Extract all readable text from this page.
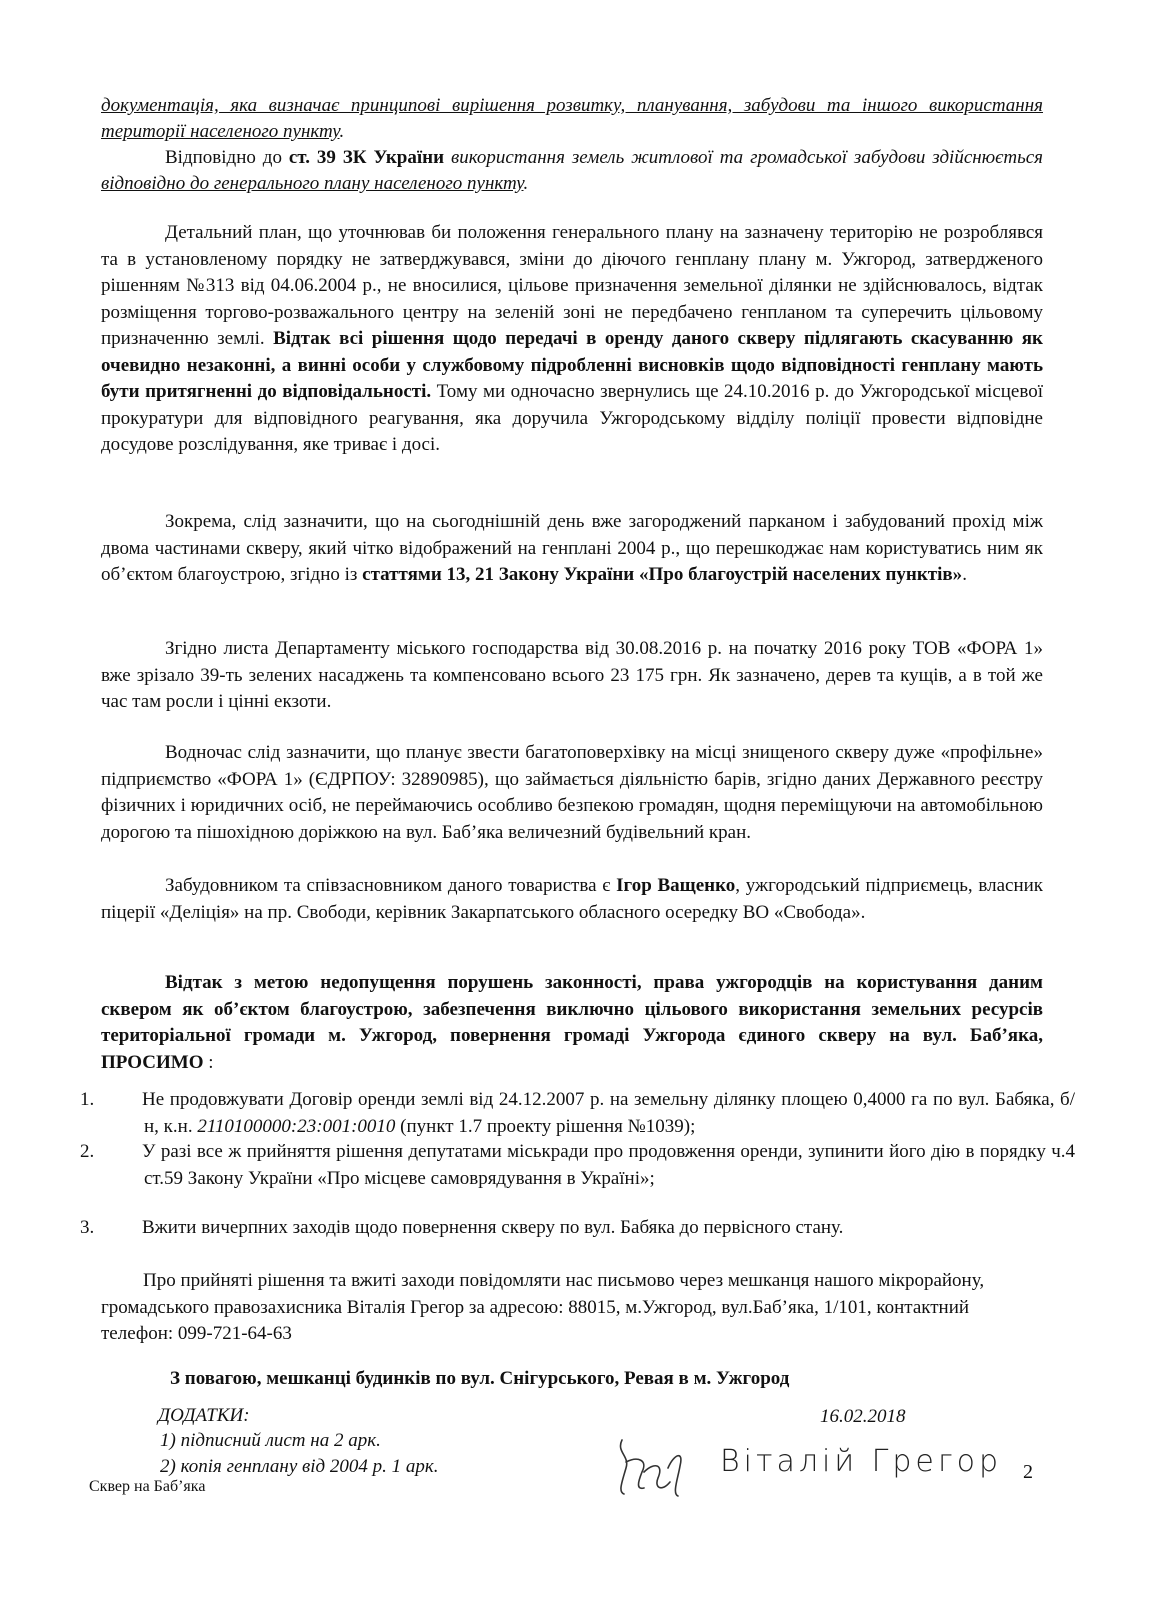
документація, яка визначає принципові вирішення розвитку, планування, забудови та іншого використання території населеного пункту.
Відповідно до ст. 39 ЗК України використання земель житлової та громадської забудови здійснюється відповідно до генерального плану населеного пункту.
Детальний план, що уточнював би положення генерального плану на зазначену територію не розроблявся та в установленому порядку не затверджувався, зміни до діючого генплану плану м. Ужгород, затвердженого рішенням №313 від 04.06.2004 р., не вносилися, цільове призначення земельної ділянки не здійснювалось, відтак розміщення торгово-розважального центру на зеленій зоні не передбачено генпланом та суперечить цільовому призначенню землі. Відтак всі рішення щодо передачі в оренду даного скверу підлягають скасуванню як очевидно незаконні, а винні особи у службовому підробленні висновків щодо відповідності генплану мають бути притягненні до відповідальності. Тому ми одночасно звернулись ще 24.10.2016 р. до Ужгородської місцевої прокуратури для відповідного реагування, яка доручила Ужгородському відділу поліції провести відповідне досудове розслідування, яке триває і досі.
Зокрема, слід зазначити, що на сьогоднішній день вже загороджений парканом і забудований прохід між двома частинами скверу, який чітко відображений на генплані 2004 р., що перешкоджає нам користуватись ним як об’єктом благоустрою, згідно із статтями 13, 21 Закону України «Про благоустрій населених пунктів».
Згідно листа Департаменту міського господарства від 30.08.2016 р. на початку 2016 року ТОВ «ФОРА 1» вже зрізало 39-ть зелених насаджень та компенсовано всього 23 175 грн. Як зазначено, дерев та кущів, а в той же час там росли і цінні екзоти.
Водночас слід зазначити, що планує звести багатоповерхівку на місці знищеного скверу дуже «профільне» підприємство «ФОРА 1» (ЄДРПОУ: 32890985), що займається діяльністю барів, згідно даних Державного реєстру фізичних і юридичних осіб, не переймаючись особливо безпекою громадян, щодня переміщуючи на автомобільною дорогою та пішохідною доріжкою на вул. Баб’яка величезний будівельний кран.
Забудовником та співзасновником даного товариства є Ігор Ващенко, ужгородський підприємець, власник піцерії «Деліція» на пр. Свободи, керівник Закарпатського обласного осередку ВО «Свобода».
Відтак з метою недопущення порушень законності, права ужгородців на користування даним сквером як об’єктом благоустрою, забезпечення виключно цільового використання земельних ресурсів територіальної громади м. Ужгород, повернення громаді Ужгорода єдиного скверу на вул. Баб’яка, ПРОСИМО :
1.	Не продовжувати Договір оренди землі від 24.12.2007 р. на земельну ділянку площею 0,4000 га по вул. Бабяка, б/н, к.н. 2110100000:23:001:0010 (пункт 1.7 проекту рішення №1039);
2.	У разі все ж прийняття рішення депутатами міськради про продовження оренди, зупинити його дію в порядку ч.4 ст.59 Закону України «Про місцеве самоврядування в Україні»;
3.	Вжити вичерпних заходів щодо повернення скверу по вул. Бабяка до первісного стану.
Про прийняті рішення та вжиті заходи повідомляти нас письмово через мешканця нашого мікрорайону, громадського правозахисника Віталія Грегор за адресою: 88015, м.Ужгород, вул.Баб’яка, 1/101, контактний телефон: 099-721-64-63
З повагою, мешканці будинків по вул. Снігурського, Ревая в м. Ужгород
ДОДАТКИ:
1) підписний лист на 2 арк.
2) копія генплану від 2004 р. 1 арк.
16.02.2018
Віталій Грегор
Сквер на Баб’яка
2
